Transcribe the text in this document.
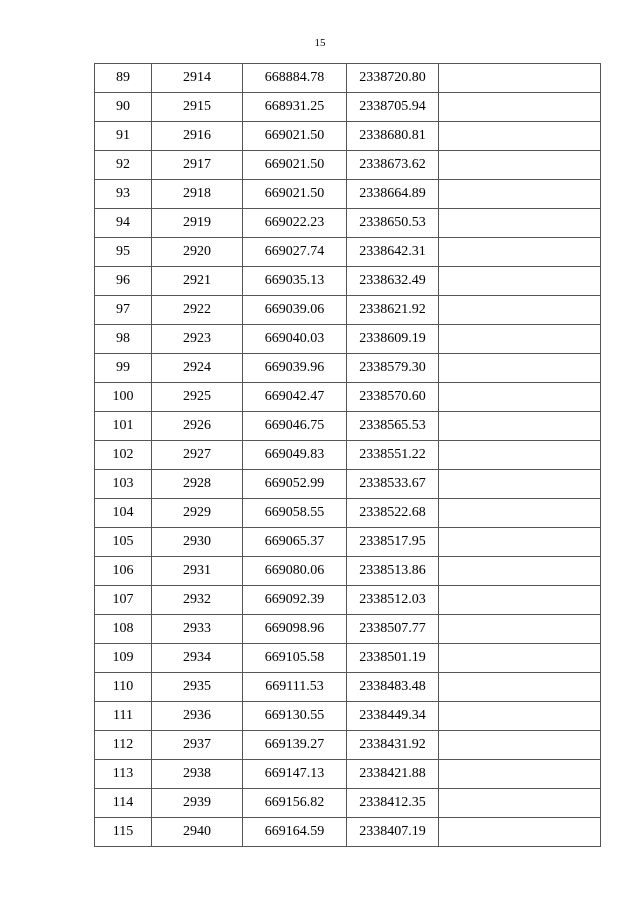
15
89	2914	668884.78	2338720.80	
90	2915	668931.25	2338705.94	
91	2916	669021.50	2338680.81	
92	2917	669021.50	2338673.62	
93	2918	669021.50	2338664.89	
94	2919	669022.23	2338650.53	
95	2920	669027.74	2338642.31	
96	2921	669035.13	2338632.49	
97	2922	669039.06	2338621.92	
98	2923	669040.03	2338609.19	
99	2924	669039.96	2338579.30	
100	2925	669042.47	2338570.60	
101	2926	669046.75	2338565.53	
102	2927	669049.83	2338551.22	
103	2928	669052.99	2338533.67	
104	2929	669058.55	2338522.68	
105	2930	669065.37	2338517.95	
106	2931	669080.06	2338513.86	
107	2932	669092.39	2338512.03	
108	2933	669098.96	2338507.77	
109	2934	669105.58	2338501.19	
110	2935	669111.53	2338483.48	
111	2936	669130.55	2338449.34	
112	2937	669139.27	2338431.92	
113	2938	669147.13	2338421.88	
114	2939	669156.82	2338412.35	
115	2940	669164.59	2338407.19	
